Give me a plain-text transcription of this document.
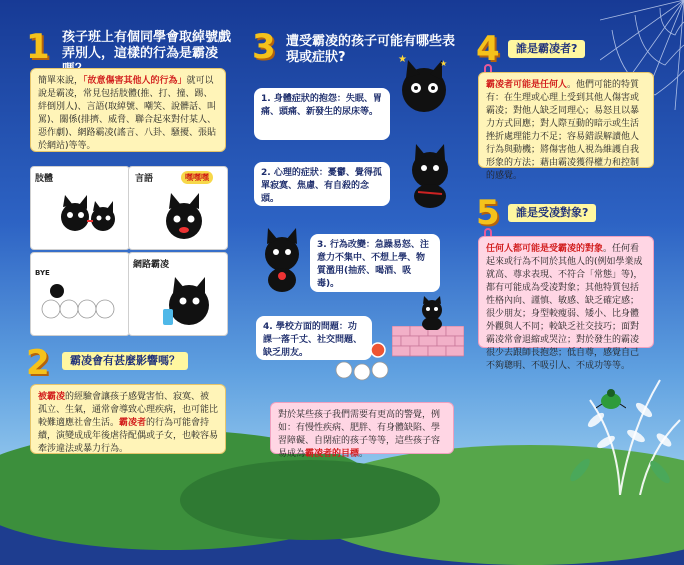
1 孩子班上有個同學會取綽號戲弄別人，這樣的行為是霸凌
簡單來說，「故意傷害其他人的行為」就可以說是霸凌，常見包括肢體(推、打、撞、踢、絆倒別人)、言語(取綽號、嘲笑、說髒話、叫罵)、關係(排擠、威脅、聯合起來對付某人、惡作劇)、網路霸凌(謠言、八卦、騷擾、張貼於網站)等等。
肢體	言語	嘿嘿嘿
BYE
網路霸凌
2	霸凌會有甚麼影響嗎？
被霸凌的經驗會讓孩子感覺害怕、寂寞、被孤立、生氣，通常會導致心理疾病，也可能比較難適應社會生活。霸凌者的行為可能會持續，演變成成年後虐待配偶或子女，也較容易牽涉違法或暴力行為。
3 遭受霸凌的孩子可能有哪些表現或症狀?	★	★
1. 身體症狀的抱怨：失眠、胃痛、頭痛、新發生的尿床等。
2. 心理的症狀：憂鬱、覺得孤單寂寞、焦慮、有自殺的念頭。
3. 行為改變：急躁易怒、注意力不集中、不想上學、物質濫用(抽菸、喝酒、吸毒)。
4. 學校方面的問題：功課一落千丈、社交問題、缺乏朋友。
對於某些孩子我們需要有更高的警覺，例如：有慢性疾病、肥胖、有身體缺陷、學習障礙、自閉症的孩子等等，這些孩子容易成為霸凌者的目標。
4	誰是霸凌者?
霸凌者可能是任何人。他們可能的特質有：在生理或心理上受到其他人傷害或霸凌；對他人缺乏同理心；易怒且以暴力方式回應；對人際互動的暗示或生活挫折處理能力不足；容易錯誤解讀他人行為與動機；將傷害他人視為維護自我形象的方法；藉由霸凌獲得權力和控制的感覺。
5	誰是受凌對象?
任何人都可能是受霸凌的對象。任何看起來或行為不同於其他人的(例如學業成就高、尊求表現、不符合「常態」等)，都有可能成為受凌對象；其他特質包括性格內向、謹慎、敏感、缺乏確定感；很少朋友；身型較瘦弱、矮小、比身體外觀與人不同；較缺乏社交技巧；面對霸凌常會退縮或哭泣；對於發生的霸凌很少去跟師長抱怨；低自尊，感覺自己不夠聰明、不吸引人、不成功等等。
